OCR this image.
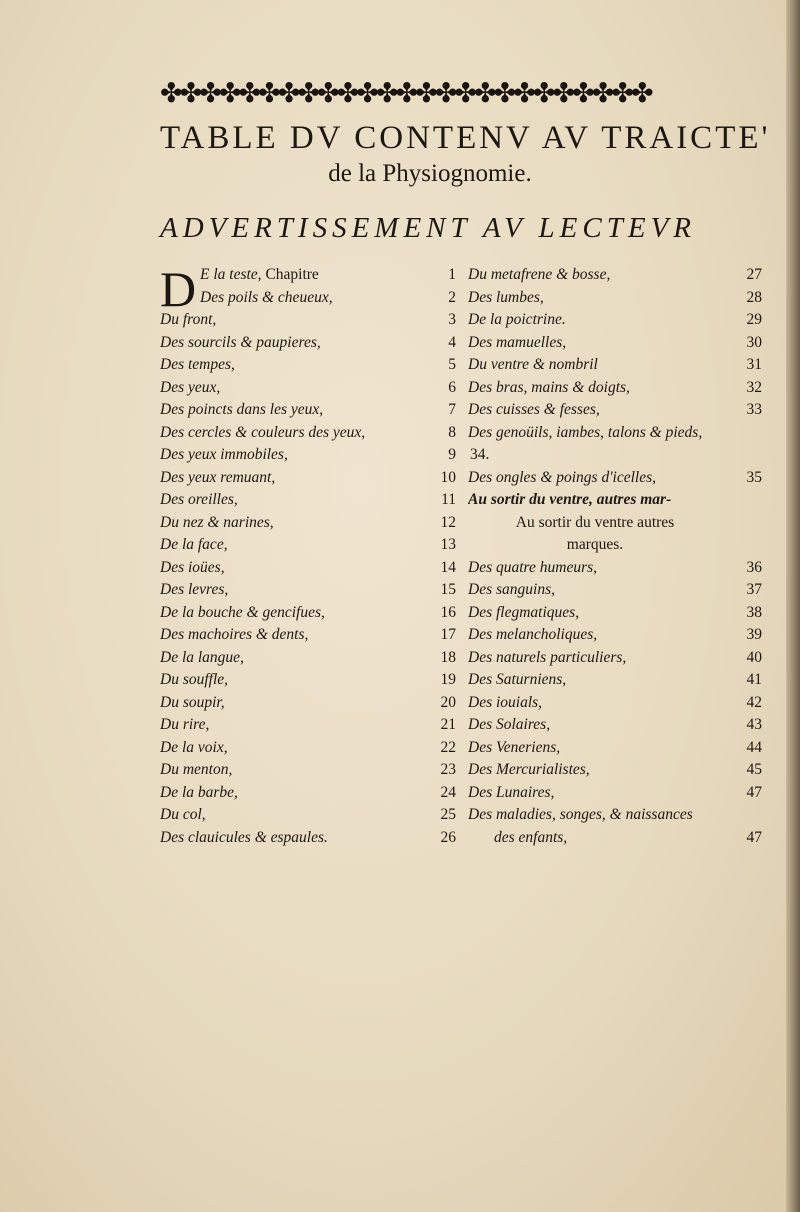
✤✤✤✤✤✤✤✤✤✤✤✤✤✤✤✤✤✤✤✤✤✤✤✤✤
TABLE DV CONTENV AV TRAICTE'
de la Physiognomie.
ADVERTISSEMENT AV LECTEVR
D E la teste, Chapitre	1
Des poils & cheueux,	2
Du front,	3
Des sourcils & paupieres,	4
Des tempes,	5
Des yeux,	6
Des poincts dans les yeux,	7
Des cercles & couleurs des yeux,	8
Des yeux immobiles,	9
Des yeux remuant,	10
Des oreilles,	11
Du nez & narines,	12
De la face,	13
Des ioües,	14
Des levres,	15
De la bouche & gencifues,	16
Des machoires & dents,	17
De la langue,	18
Du souffle,	19
Du soupir,	20
Du rire,	21
De la voix,	22
Du menton,	23
De la barbe,	24
Du col,	25
Des clauicules & espaules.	26
Du metafrene & bosse,	27
Des lumbes,	28
De la poictrine.	29
Des mamuelles,	30
Du ventre & nombril	31
Des bras, mains & doigts,	32
Des cuisses & fesses,	33
Des genoüils, iambes, talons & pieds,
34.
Des ongles & poings d'icelles,	35
Au sortir du ventre, autres mar-
Au sortir du ventre autres
marques.
Des quatre humeurs,	36
Des sanguins,	37
Des flegmatiques,	38
Des melancholiques,	39
Des naturels particuliers,	40
Des Saturniens,	41
Des iouials,	42
Des Solaires,	43
Des Veneriens,	44
Des Mercurialistes,	45
Des Lunaires,	47
Des maladies, songes, & naissances
des enfants,	47
